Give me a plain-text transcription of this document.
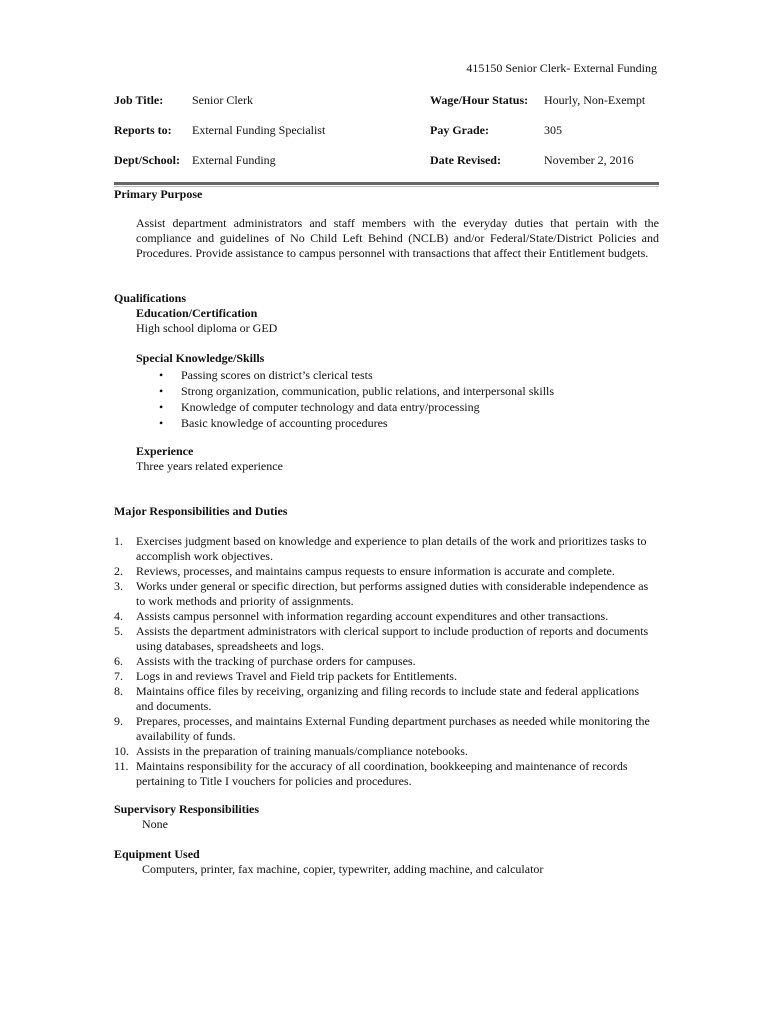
415150 Senior Clerk- External Funding
Job Title: Senior Clerk	Wage/Hour Status: Hourly, Non-Exempt
Reports to: External Funding Specialist	Pay Grade:	305
Dept/School: External Funding	Date Revised:	November 2, 2016
Primary Purpose
Assist department administrators and staff members with the everyday duties that pertain with the compliance and guidelines of No Child Left Behind (NCLB) and/or Federal/State/District Policies and Procedures. Provide assistance to campus personnel with transactions that affect their Entitlement budgets.
Qualifications
Education/Certification
High school diploma or GED
Special Knowledge/Skills
• Passing scores on district’s clerical tests
• Strong organization, communication, public relations, and interpersonal skills
• Knowledge of computer technology and data entry/processing
• Basic knowledge of accounting procedures
Experience
Three years related experience
Major Responsibilities and Duties
1. Exercises judgment based on knowledge and experience to plan details of the work and prioritizes tasks to accomplish work objectives.
2. Reviews, processes, and maintains campus requests to ensure information is accurate and complete.
3. Works under general or specific direction, but performs assigned duties with considerable independence as to work methods and priority of assignments.
4. Assists campus personnel with information regarding account expenditures and other transactions.
5. Assists the department administrators with clerical support to include production of reports and documents using databases, spreadsheets and logs.
6. Assists with the tracking of purchase orders for campuses.
7. Logs in and reviews Travel and Field trip packets for Entitlements.
8. Maintains office files by receiving, organizing and filing records to include state and federal applications and documents.
9. Prepares, processes, and maintains External Funding department purchases as needed while monitoring the availability of funds.
10. Assists in the preparation of training manuals/compliance notebooks.
11. Maintains responsibility for the accuracy of all coordination, bookkeeping and maintenance of records pertaining to Title I vouchers for policies and procedures.
Supervisory Responsibilities
None
Equipment Used
Computers, printer, fax machine, copier, typewriter, adding machine, and calculator
